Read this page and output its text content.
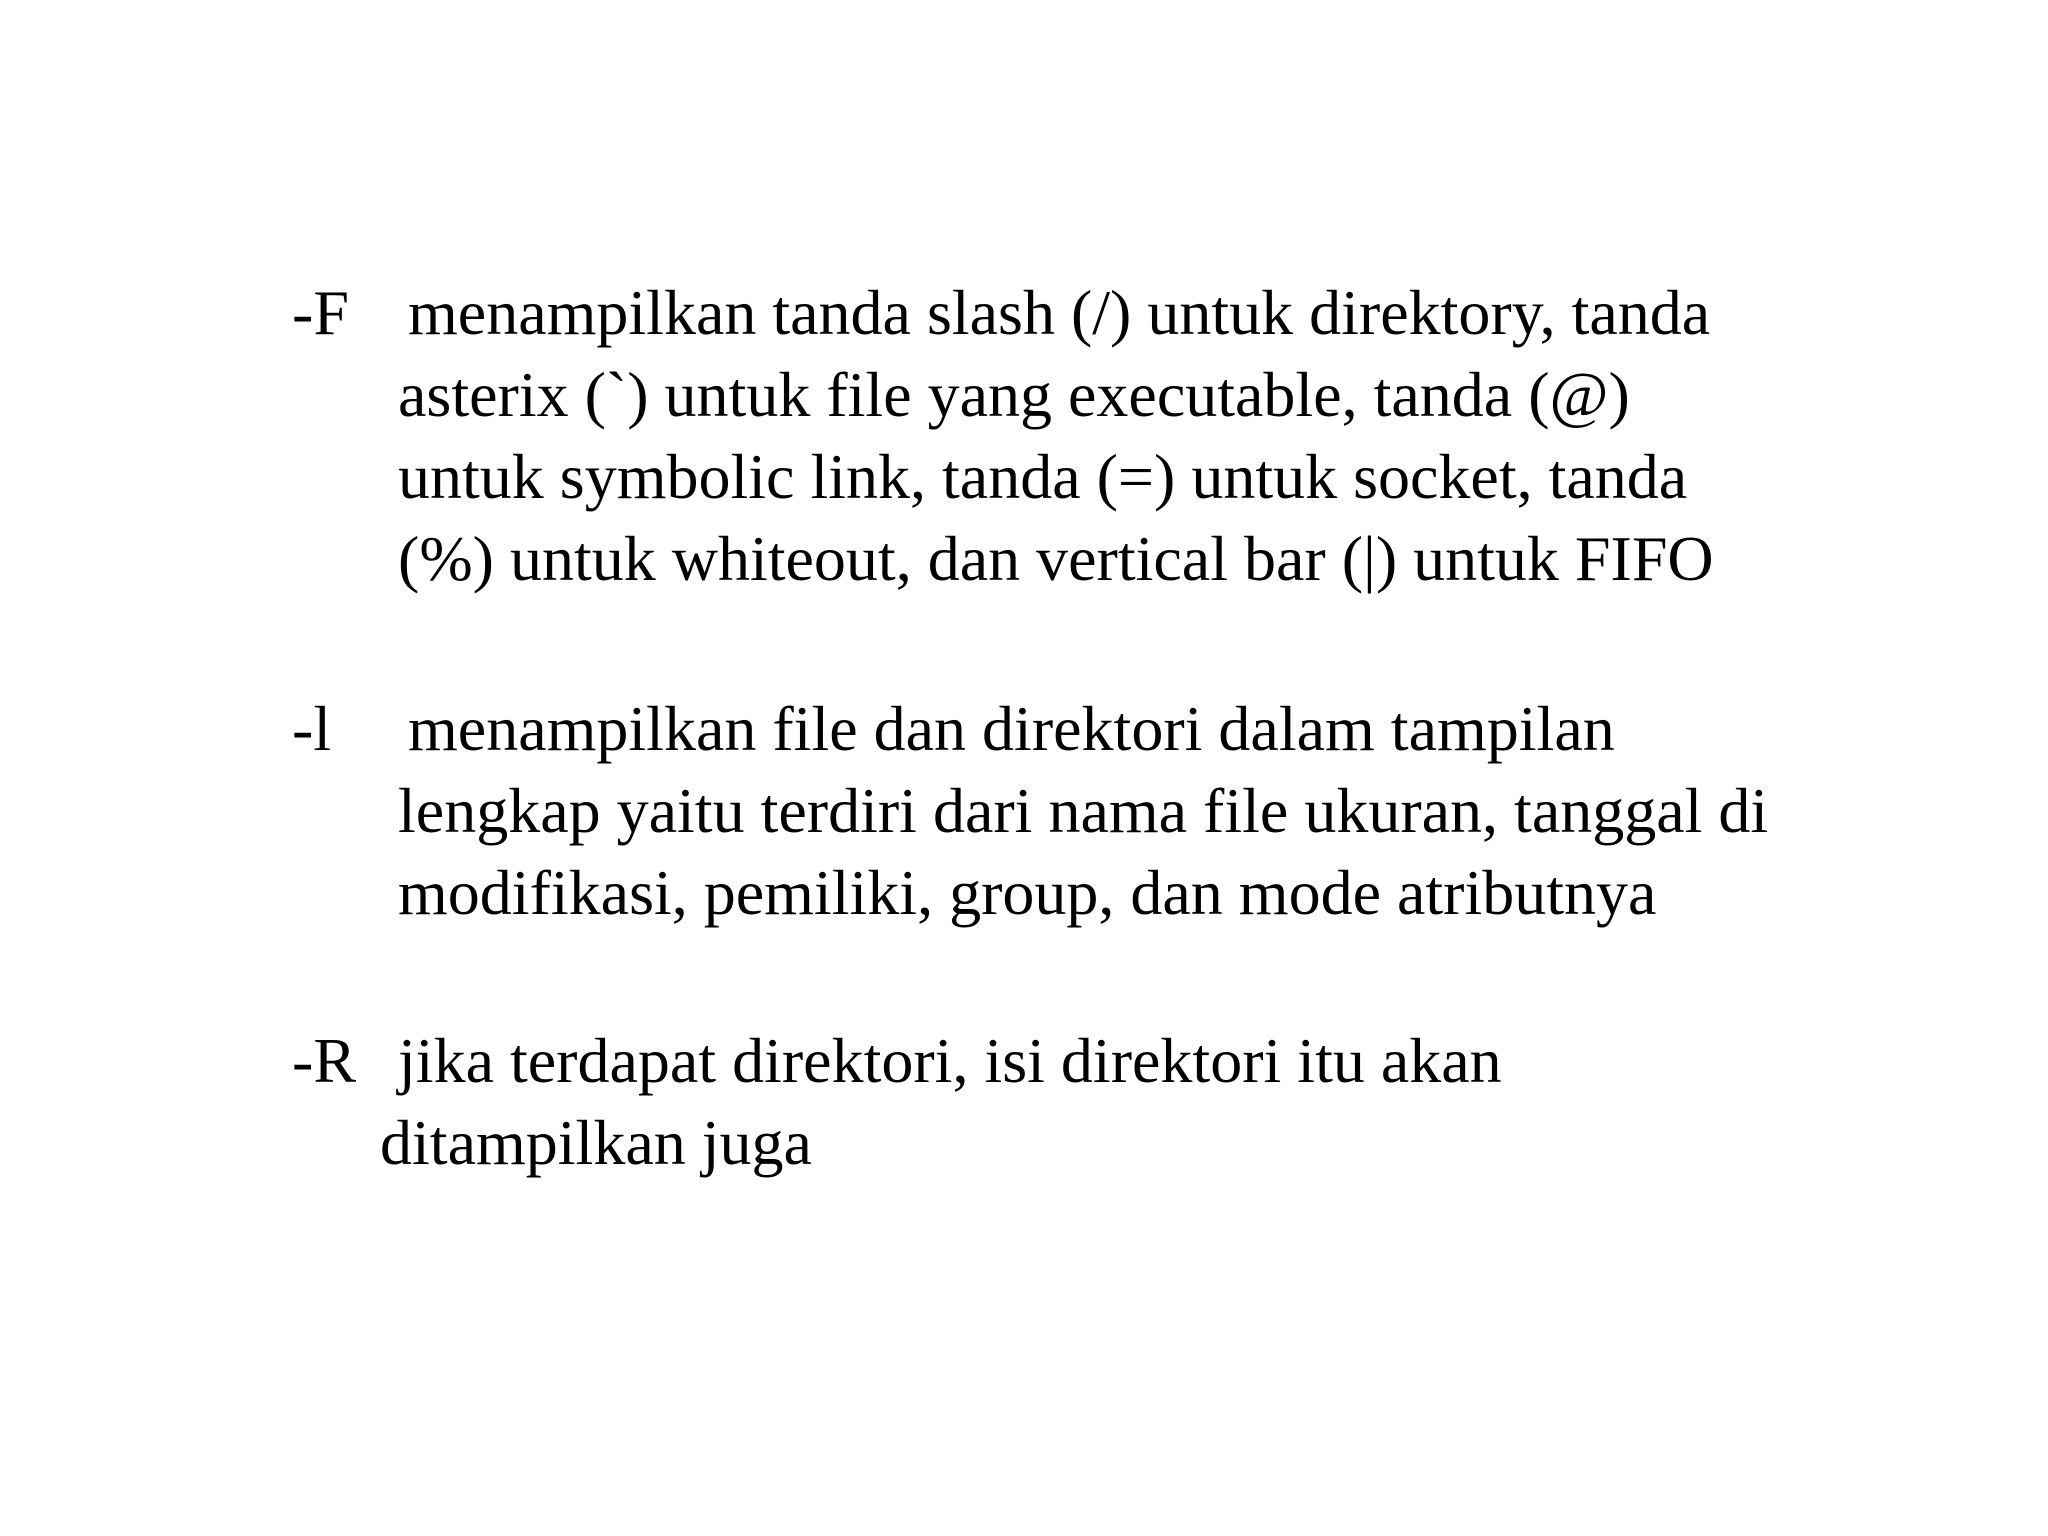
-F menampilkan tanda slash (/) untuk direktory, tanda

asterix (`) untuk file yang executable, tanda (@)

untuk symbolic link, tanda (=) untuk socket, tanda

(%) untuk whiteout, dan vertical bar (|) untuk FIFO

-l menampilkan file dan direktori dalam tampilan

lengkap yaitu terdiri dari nama file ukuran, tanggal di

modifikasi, pemiliki, group, dan mode atributnya

-R jika terdapat direktori, isi direktori itu akan

ditampilkan juga
